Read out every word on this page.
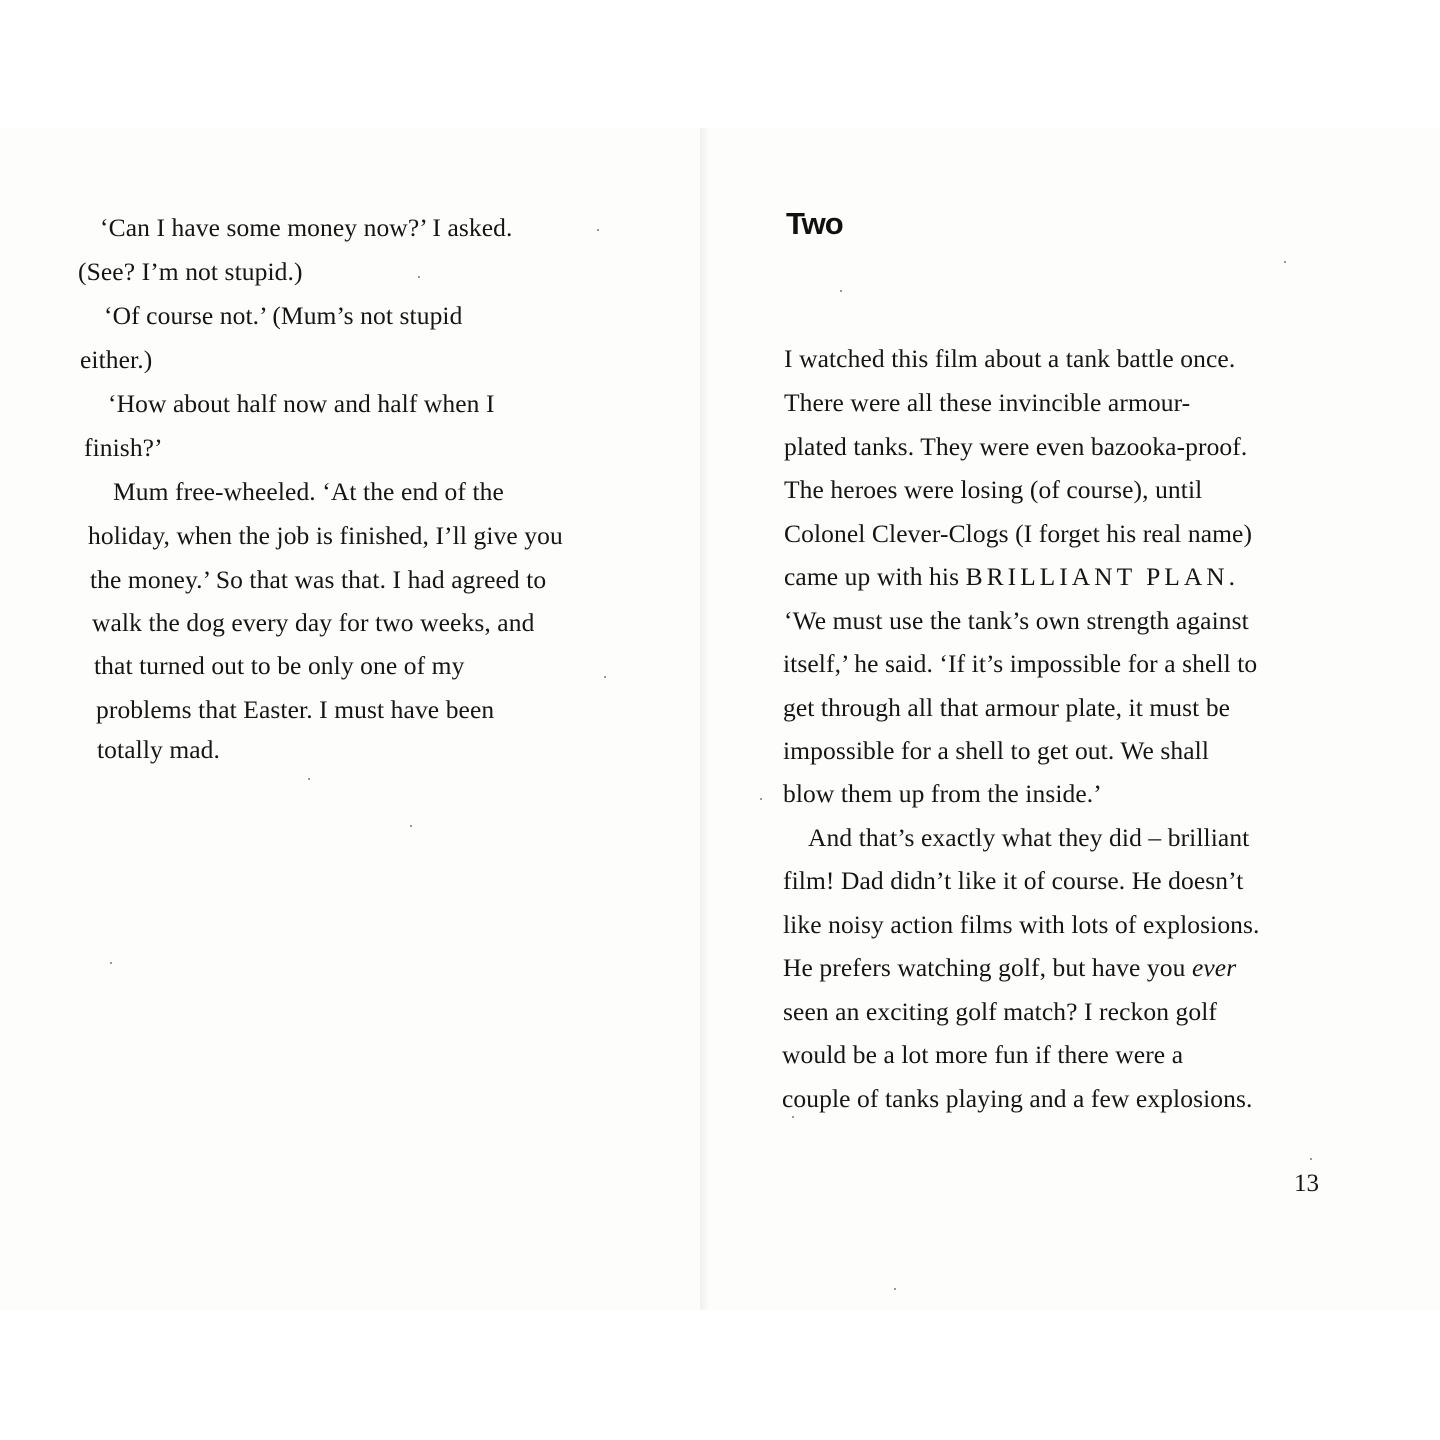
‘Can I have some money now?’ I asked.
(See? I’m not stupid.)
‘Of course not.’ (Mum’s not stupid
either.)
‘How about half now and half when I
finish?’
Mum free-wheeled. ‘At the end of the
holiday, when the job is finished, I’ll give you
the money.’ So that was that. I had agreed to
walk the dog every day for two weeks, and
that turned out to be only one of my
problems that Easter. I must have been
totally mad.
Two
I watched this film about a tank battle once.
There were all these invincible armour-
plated tanks. They were even bazooka-proof.
The heroes were losing (of course), until
Colonel Clever-Clogs (I forget his real name)
came up with his BRILLIANT PLAN.
‘We must use the tank’s own strength against
itself,’ he said. ‘If it’s impossible for a shell to
get through all that armour plate, it must be
impossible for a shell to get out. We shall
blow them up from the inside.’
And that’s exactly what they did – brilliant
film! Dad didn’t like it of course. He doesn’t
like noisy action films with lots of explosions.
He prefers watching golf, but have you ever
seen an exciting golf match? I reckon golf
would be a lot more fun if there were a
couple of tanks playing and a few explosions.
13
